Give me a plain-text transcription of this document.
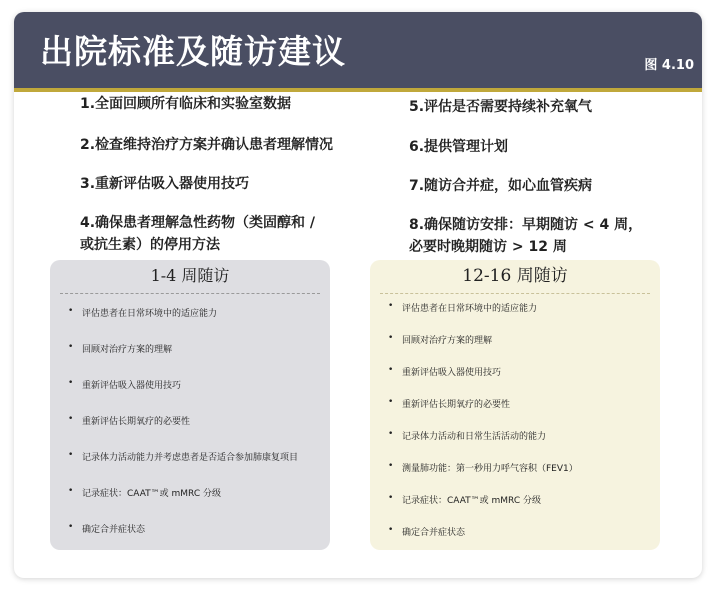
出院标准及随访建议	图 4.10
1.全面回顾所有临床和实验室数据
2.检查维持治疗方案并确认患者理解情况
3.重新评估吸入器使用技巧
4.确保患者理解急性药物（类固醇和 /
或抗生素）的停用方法
5.评估是否需要持续补充氧气
6.提供管理计划
7.随访合并症，如心血管疾病
8.确保随访安排：早期随访 < 4 周，
必要时晚期随访 > 12 周
1-4 周随访
• 评估患者在日常环境中的适应能力
• 回顾对治疗方案的理解
• 重新评估吸入器使用技巧
• 重新评估长期氧疗的必要性
• 记录体力活动能力并考虑患者是否适合参加肺康复项目
• 记录症状：CAAT™或 mMRC 分级
• 确定合并症状态
12-16 周随访
• 评估患者在日常环境中的适应能力
• 回顾对治疗方案的理解
• 重新评估吸入器使用技巧
• 重新评估长期氧疗的必要性
• 记录体力活动和日常生活活动的能力
• 测量肺功能：第一秒用力呼气容积（FEV1）
• 记录症状：CAAT™或 mMRC 分级
• 确定合并症状态
